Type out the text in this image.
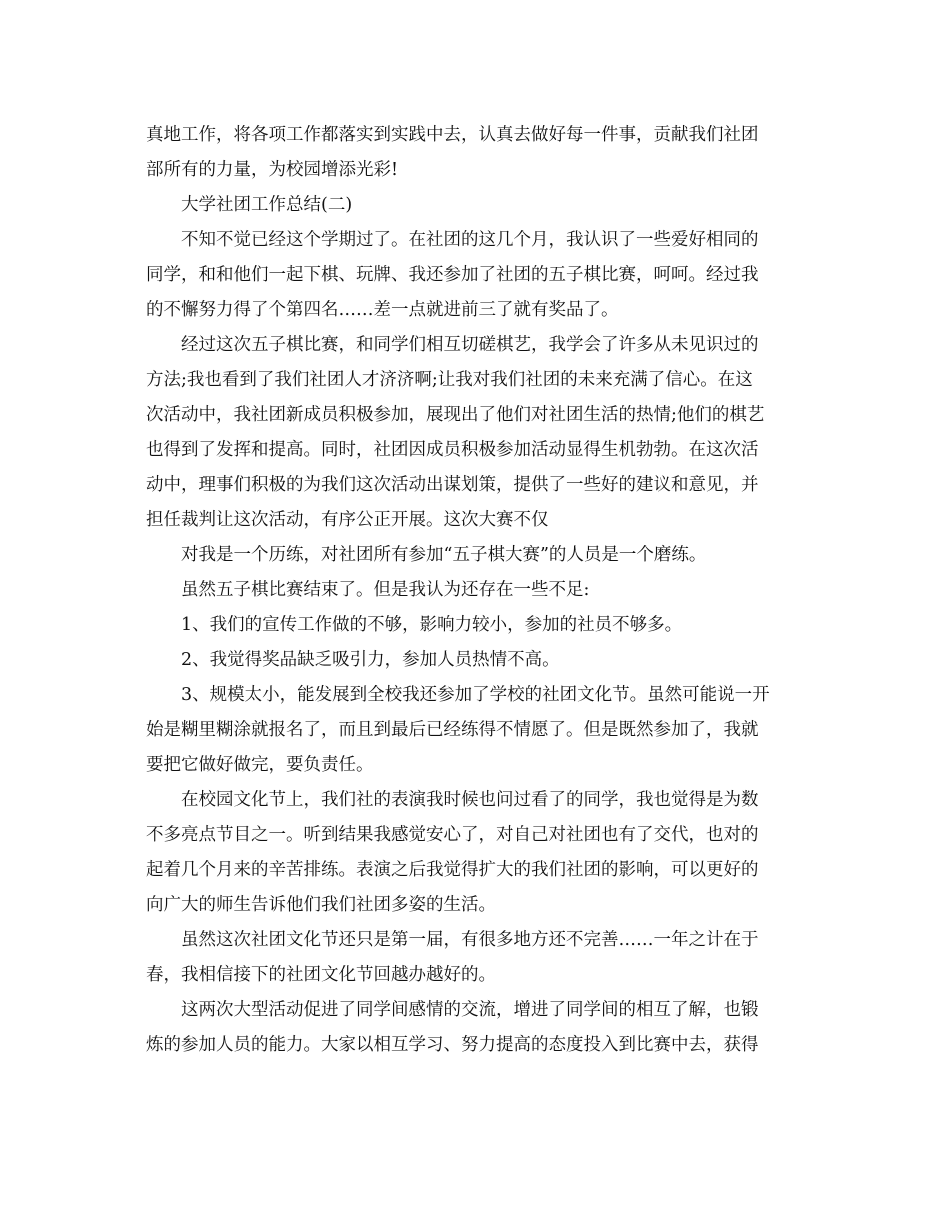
真地工作，将各项工作都落实到实践中去，认真去做好每一件事，贡献我们社团

部所有的力量，为校园增添光彩!

大学社团工作总结(二)

不知不觉已经这个学期过了。在社团的这几个月，我认识了一些爱好相同的

同学，和和他们一起下棋、玩牌、我还参加了社团的五子棋比赛，呵呵。经过我

的不懈努力得了个第四名……差一点就进前三了就有奖品了。

经过这次五子棋比赛，和同学们相互切磋棋艺，我学会了许多从未见识过的

方法;我也看到了我们社团人才济济啊;让我对我们社团的未来充满了信心。在这

次活动中，我社团新成员积极参加，展现出了他们对社团生活的热情;他们的棋艺

也得到了发挥和提高。同时，社团因成员积极参加活动显得生机勃勃。在这次活

动中，理事们积极的为我们这次活动出谋划策，提供了一些好的建议和意见，并

担任裁判让这次活动，有序公正开展。这次大赛不仅

对我是一个历练，对社团所有参加“五子棋大赛”的人员是一个磨练。

虽然五子棋比赛结束了。但是我认为还存在一些不足:

1、我们的宣传工作做的不够，影响力较小，参加的社员不够多。

2、我觉得奖品缺乏吸引力，参加人员热情不高。

3、规模太小，能发展到全校我还参加了学校的社团文化节。虽然可能说一开

始是糊里糊涂就报名了，而且到最后已经练得不情愿了。但是既然参加了，我就

要把它做好做完，要负责任。

在校园文化节上，我们社的表演我时候也问过看了的同学，我也觉得是为数

不多亮点节目之一。听到结果我感觉安心了，对自己对社团也有了交代，也对的

起着几个月来的辛苦排练。表演之后我觉得扩大的我们社团的影响，可以更好的

向广大的师生告诉他们我们社团多姿的生活。

虽然这次社团文化节还只是第一届，有很多地方还不完善……一年之计在于

春，我相信接下的社团文化节回越办越好的。

这两次大型活动促进了同学间感情的交流，增进了同学间的相互了解，也锻

炼的参加人员的能力。大家以相互学习、努力提高的态度投入到比赛中去，获得
